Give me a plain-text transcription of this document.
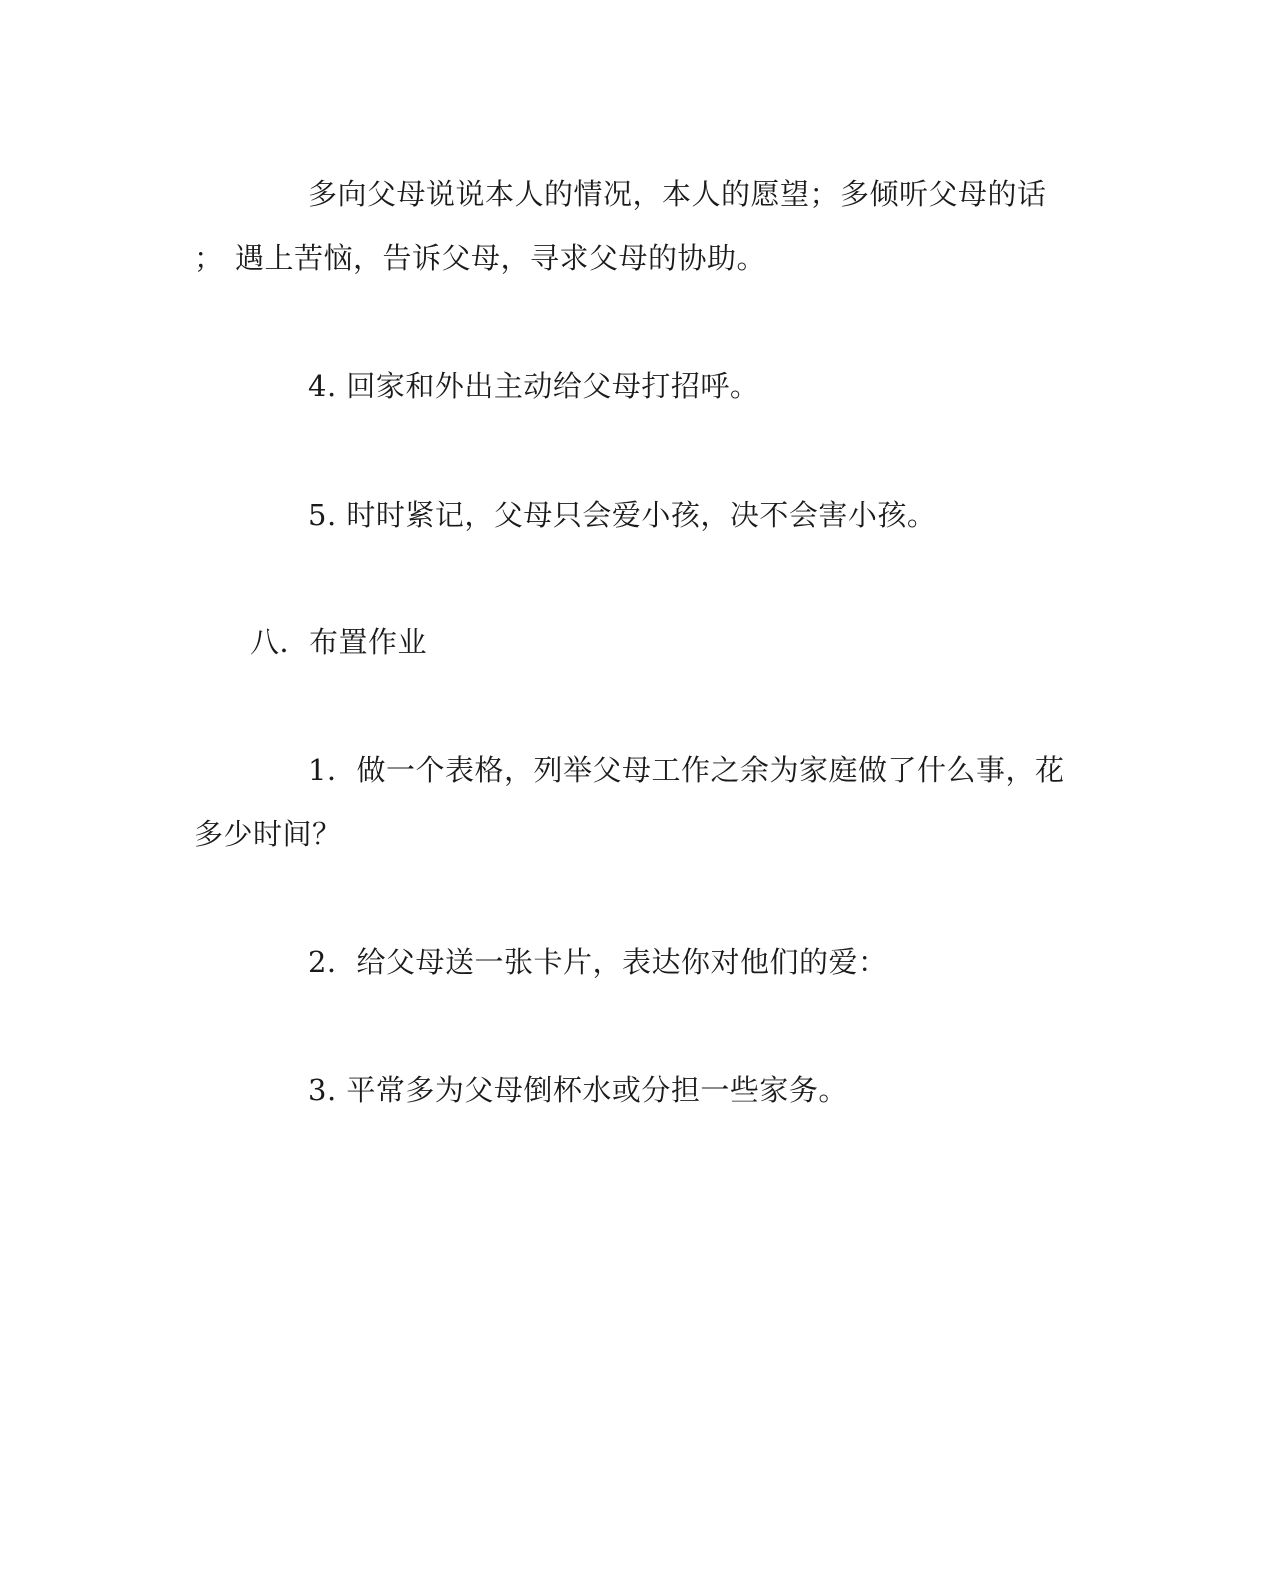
多向父母说说本人的情况，本人的愿望； 多倾听父母的话
； 遇上苦恼，告诉父母，寻求父母的协助。
4. 回家和外出主动给父母打招呼。
5. 时时紧记，父母只会爱小孩，决不会害小孩。
八．布置作业
1．做一个表格，列举父母工作之余为家庭做了什么事，花
多少时间？
2．给父母送一张卡片，表达你对他们的爱：
3. 平常多为父母倒杯水或分担一些家务。
